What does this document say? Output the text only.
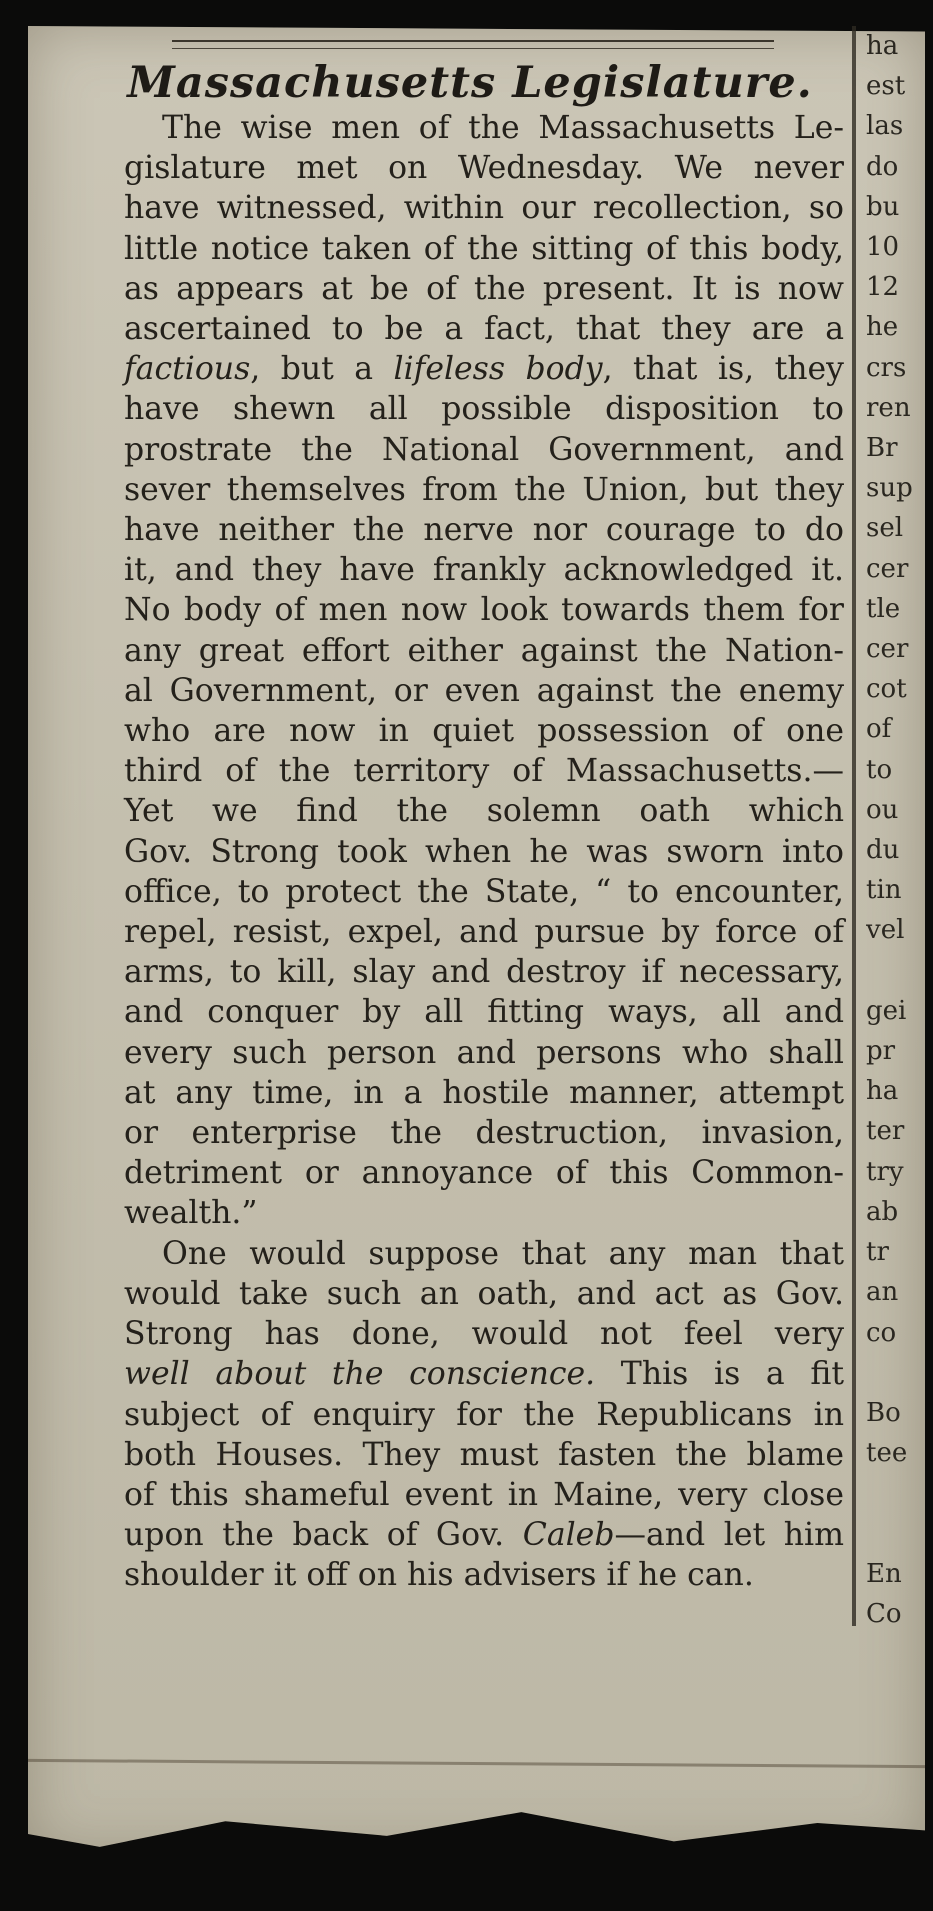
Massachusetts Legislature.
The wise men of the Massachusetts Le-
gislature met on Wednesday. We never
have witnessed, within our recollection, so
little notice taken of the sitting of this body,
as appears at be of the present. It is now
ascertained to be a fact, that they are a
factious, but a lifeless body, that is, they
have shewn all possible disposition to
prostrate the National Government, and
sever themselves from the Union, but they
have neither the nerve nor courage to do
it, and they have frankly acknowledged it.
No body of men now look towards them for
any great effort either against the Nation-
al Government, or even against the enemy
who are now in quiet possession of one
third of the territory of Massachusetts.—
Yet we find the solemn oath which
Gov. Strong took when he was sworn into
office, to protect the State, “ to encounter,
repel, resist, expel, and pursue by force of
arms, to kill, slay and destroy if necessary,
and conquer by all fitting ways, all and
every such person and persons who shall
at any time, in a hostile manner, attempt
or enterprise the destruction, invasion,
detriment or annoyance of this Common-
wealth.”
One would suppose that any man that
would take such an oath, and act as Gov.
Strong has done, would not feel very
well about the conscience. This is a fit
subject of enquiry for the Republicans in
both Houses. They must fasten the blame
of this shameful event in Maine, very close
upon the back of Gov. Caleb—and let him
shoulder it off on his advisers if he can.
ha
est
las
do
bu
10
12
he
crs
ren
Br
sup
sel
cer
tle
cer
cot
of
to
ou
du
tin
vel

gei
pr
ha
ter
try
ab
tr
an
co

Bo
tee

En
Co
